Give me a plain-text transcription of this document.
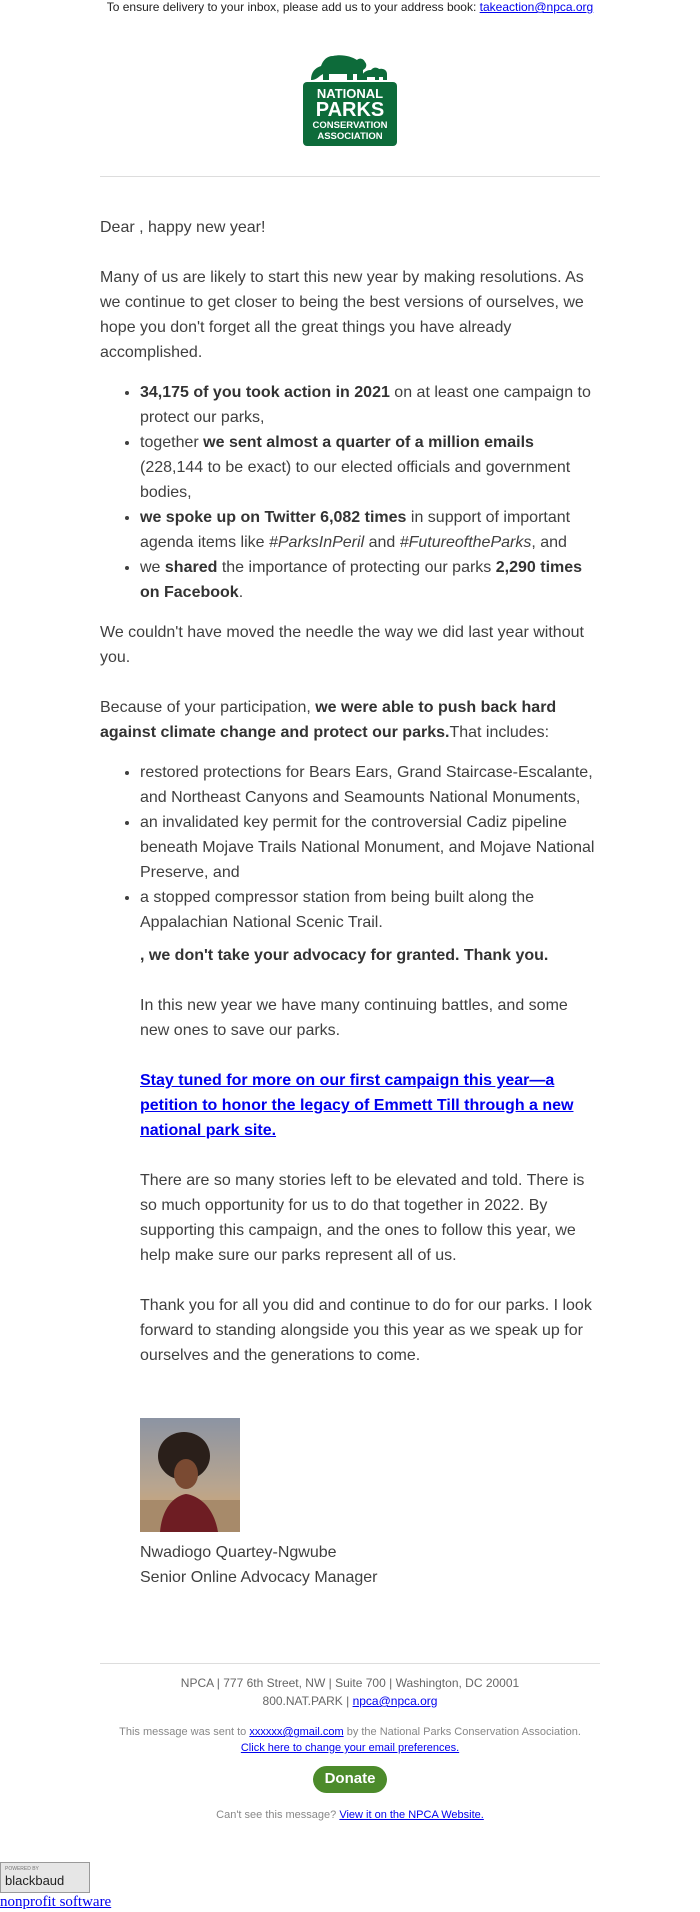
To ensure delivery to your inbox, please add us to your address book: takeaction@npca.org
NATIONAL
PARKS
CONSERVATION
ASSOCIATION

Dear , happy new year!

Many of us are likely to start this new year by making resolutions. As we continue to get closer to being the best versions of ourselves, we hope you don't forget all the great things you have already accomplished.

• 34,175 of you took action in 2021 on at least one campaign to protect our parks,
• together we sent almost a quarter of a million emails (228,144 to be exact) to our elected officials and government bodies,
• we spoke up on Twitter 6,082 times in support of important agenda items like #ParksInPeril and #FutureoftheParks, and
• we shared the importance of protecting our parks 2,290 times on Facebook.

We couldn't have moved the needle the way we did last year without you.

Because of your participation, we were able to push back hard against climate change and protect our parks.That includes:

• restored protections for Bears Ears, Grand Staircase-Escalante, and Northeast Canyons and Seamounts National Monuments,
• an invalidated key permit for the controversial Cadiz pipeline beneath Mojave Trails National Monument, and Mojave National Preserve, and
• a stopped compressor station from being built along the Appalachian National Scenic Trail.

, we don't take your advocacy for granted. Thank you.

In this new year we have many continuing battles, and some new ones to save our parks.

Stay tuned for more on our first campaign this year—a petition to honor the legacy of Emmett Till through a new national park site.

There are so many stories left to be elevated and told. There is so much opportunity for us to do that together in 2022. By supporting this campaign, and the ones to follow this year, we help make sure our parks represent all of us.

Thank you for all you did and continue to do for our parks. I look forward to standing alongside you this year as we speak up for ourselves and the generations to come.

Nwadiogo Quartey-Ngwube

Senior Online Advocacy Manager

NPCA | 777 6th Street, NW | Suite 700 | Washington, DC 20001
800.NAT.PARK | npca@npca.org
This message was sent to xxxxxx@gmail.com by the National Parks Conservation Association.
Click here to change your email preferences.
Donate
Can't see this message? View it on the NPCA Website.
POWERED BY
blackbaud
nonprofit software
